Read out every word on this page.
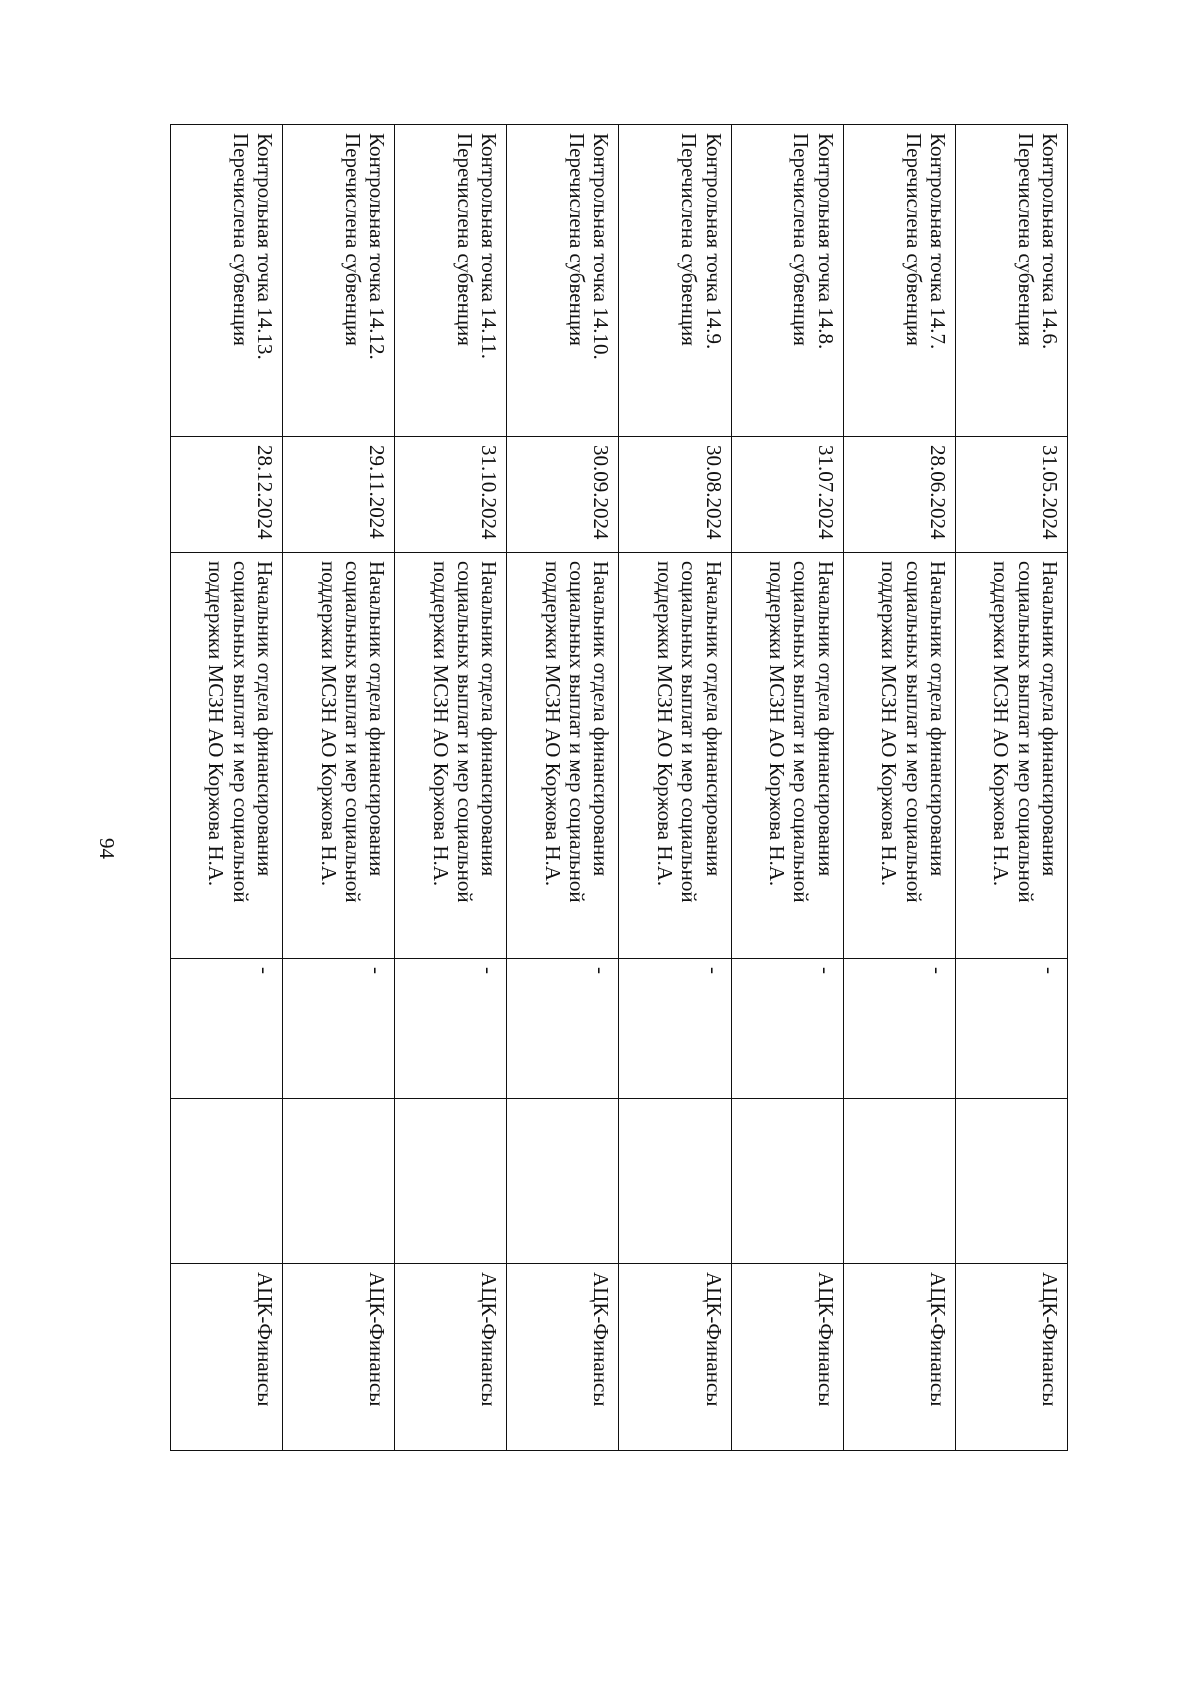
94
Контрольная точка 14.6. Перечислена субвенция	31.05.2024	Начальник отдела финансирования социальных выплат и мер социальной поддержки МСЗН АО Коржова Н.А.	-		АЦК-Финансы
Контрольная точка 14.7. Перечислена субвенция	28.06.2024	Начальник отдела финансирования социальных выплат и мер социальной поддержки МСЗН АО Коржова Н.А.	-		АЦК-Финансы
Контрольная точка 14.8. Перечислена субвенция	31.07.2024	Начальник отдела финансирования социальных выплат и мер социальной поддержки МСЗН АО Коржова Н.А.	-		АЦК-Финансы
Контрольная точка 14.9. Перечислена субвенция	30.08.2024	Начальник отдела финансирования социальных выплат и мер социальной поддержки МСЗН АО Коржова Н.А.	-		АЦК-Финансы
Контрольная точка 14.10. Перечислена субвенция	30.09.2024	Начальник отдела финансирования социальных выплат и мер социальной поддержки МСЗН АО Коржова Н.А.	-		АЦК-Финансы
Контрольная точка 14.11. Перечислена субвенция	31.10.2024	Начальник отдела финансирования социальных выплат и мер социальной поддержки МСЗН АО Коржова Н.А.	-		АЦК-Финансы
Контрольная точка 14.12. Перечислена субвенция	29.11.2024	Начальник отдела финансирования социальных выплат и мер социальной поддержки МСЗН АО Коржова Н.А.	-		АЦК-Финансы
Контрольная точка 14.13. Перечислена субвенция	28.12.2024	Начальник отдела финансирования социальных выплат и мер социальной поддержки МСЗН АО Коржова Н.А.	-		АЦК-Финансы
